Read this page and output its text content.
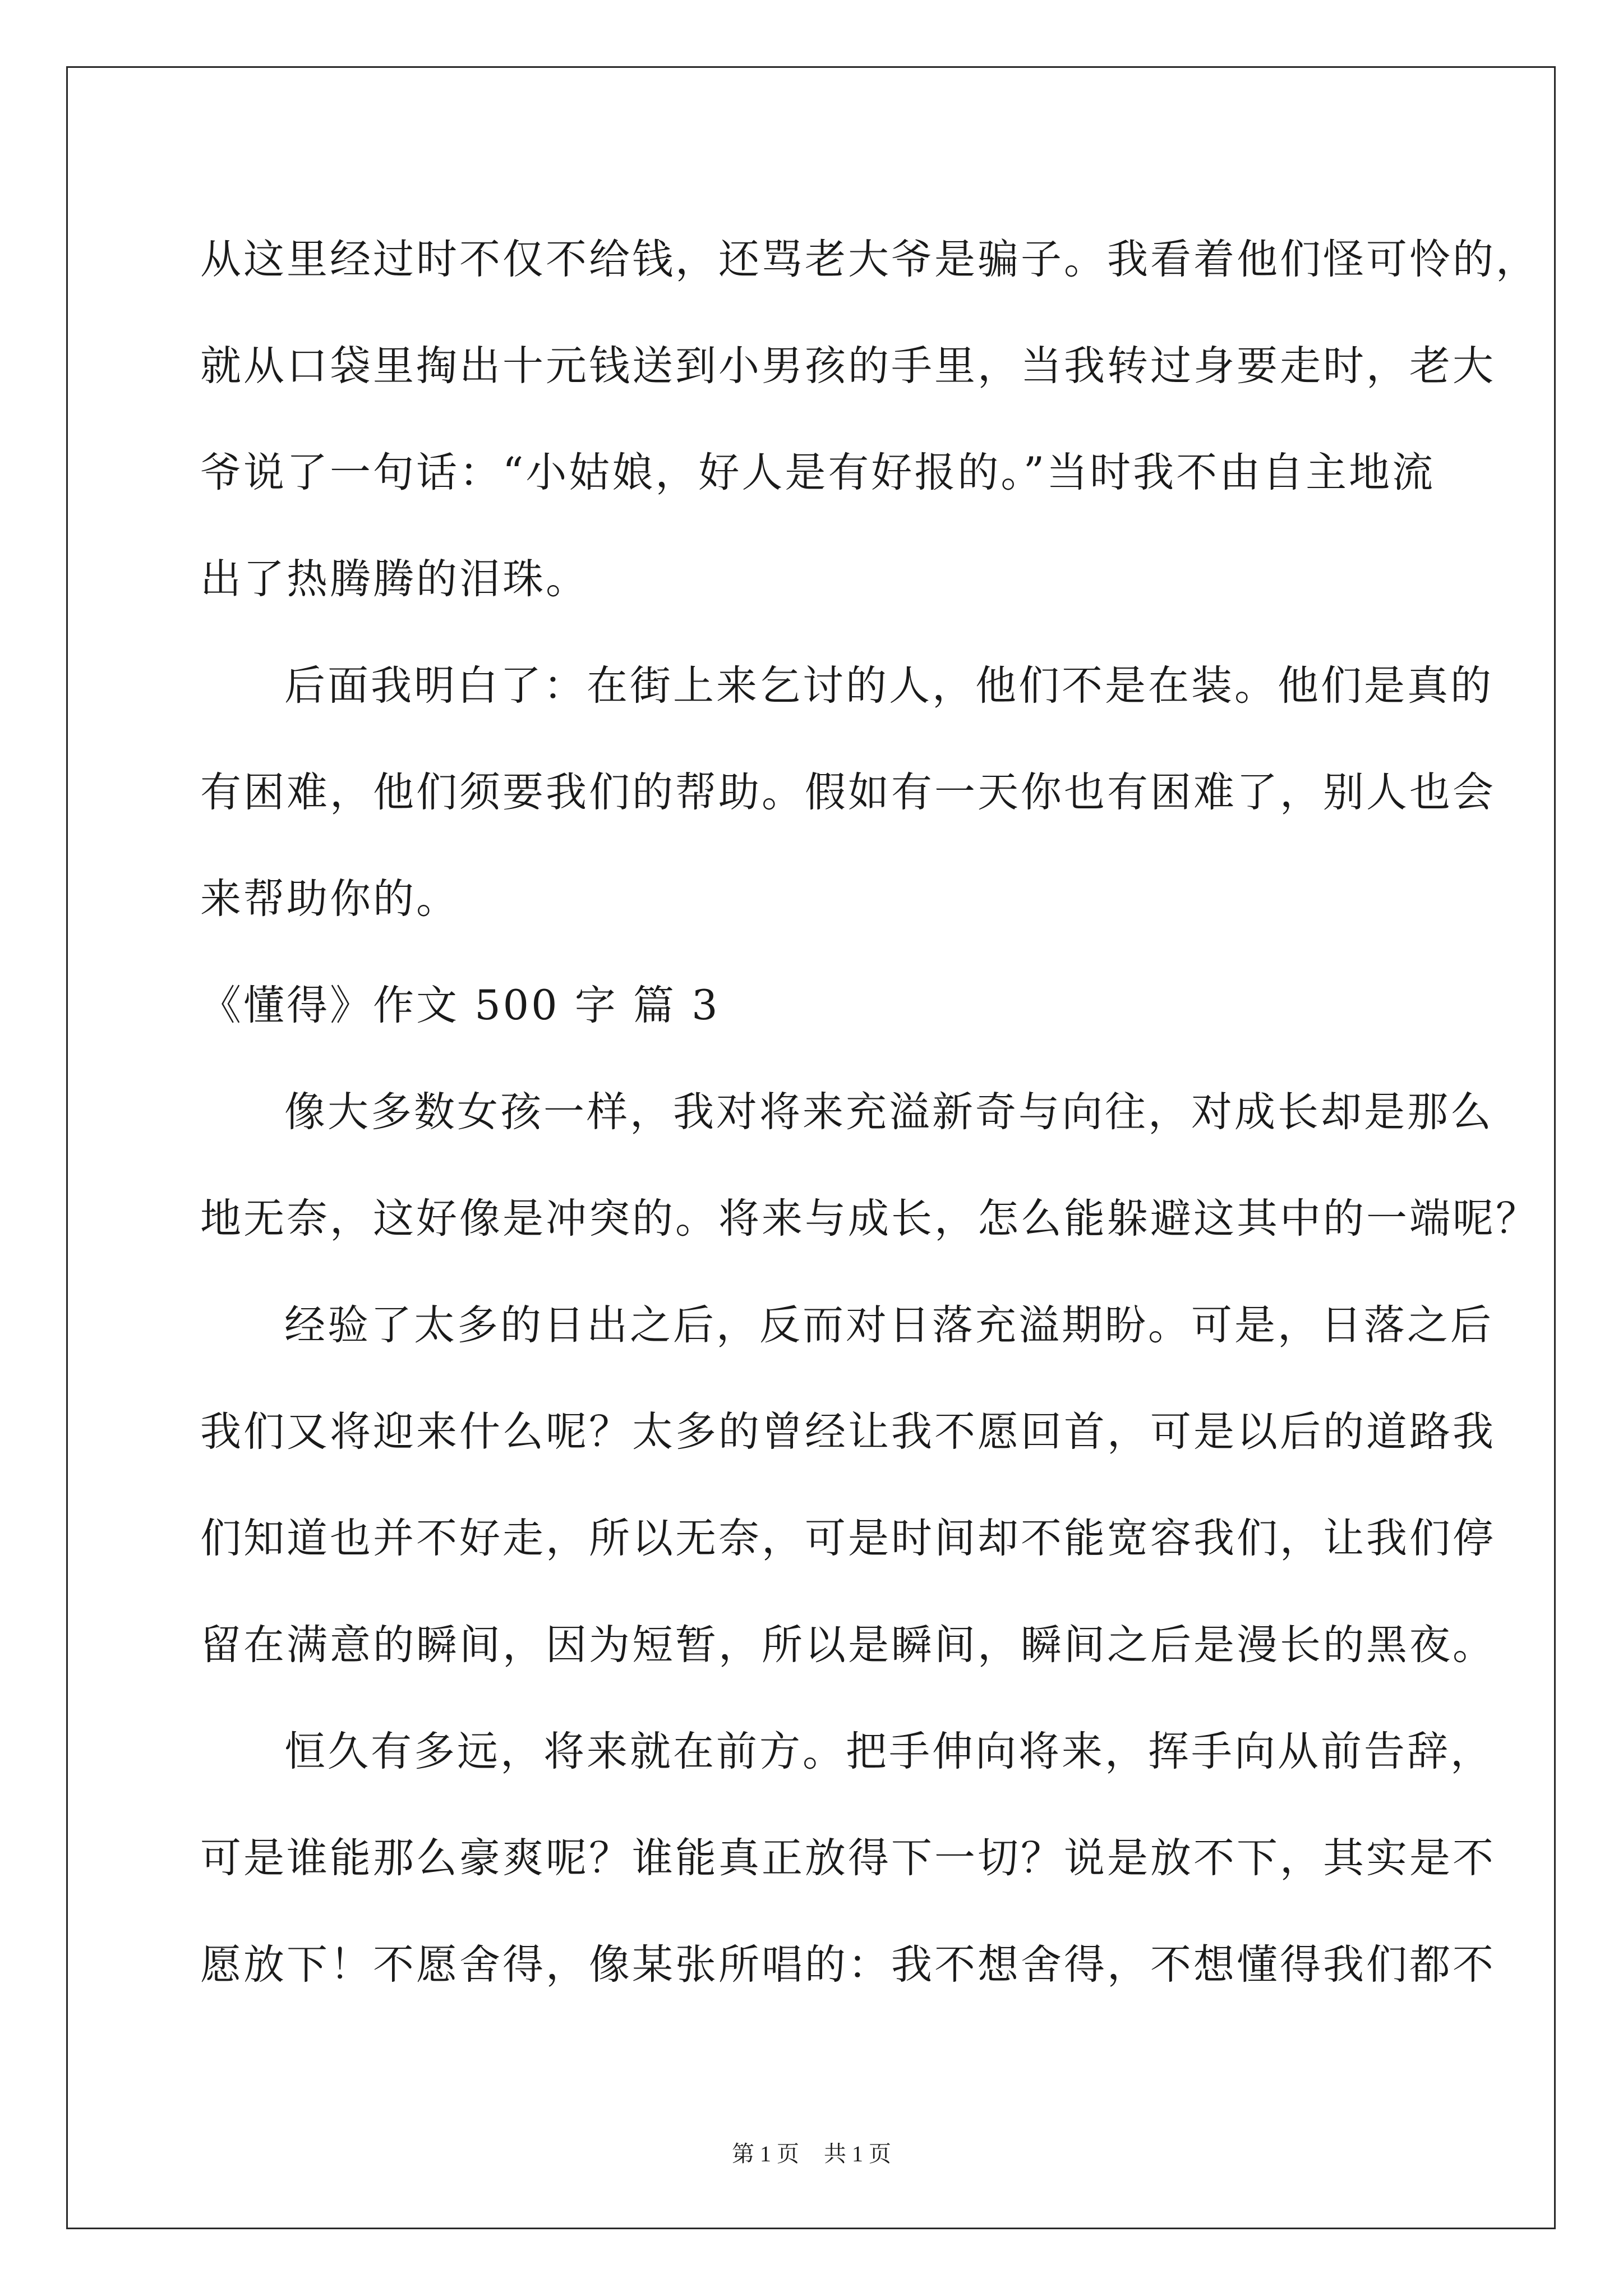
从这里经过时不仅不给钱，还骂老大爷是骗子。我看着他们怪可怜的，

就从口袋里掏出十元钱送到小男孩的手里，当我转过身要走时，老大

爷说了一句话：“小姑娘，好人是有好报的。”当时我不由自主地流

出了热腾腾的泪珠。

后面我明白了：在街上来乞讨的人，他们不是在装。他们是真的

有困难，他们须要我们的帮助。假如有一天你也有困难了，别人也会

来帮助你的。

《懂得》作文 500 字 篇 3

像大多数女孩一样，我对将来充溢新奇与向往，对成长却是那么

地无奈，这好像是冲突的。将来与成长，怎么能躲避这其中的一端呢？

经验了太多的日出之后，反而对日落充溢期盼。可是，日落之后

我们又将迎来什么呢？太多的曾经让我不愿回首，可是以后的道路我

们知道也并不好走，所以无奈，可是时间却不能宽容我们，让我们停

留在满意的瞬间，因为短暂，所以是瞬间，瞬间之后是漫长的黑夜。

恒久有多远，将来就在前方。把手伸向将来，挥手向从前告辞，

可是谁能那么豪爽呢？谁能真正放得下一切？说是放不下，其实是不

愿放下！不愿舍得，像某张所唱的：我不想舍得，不想懂得我们都不

第 1 页 共 1 页
